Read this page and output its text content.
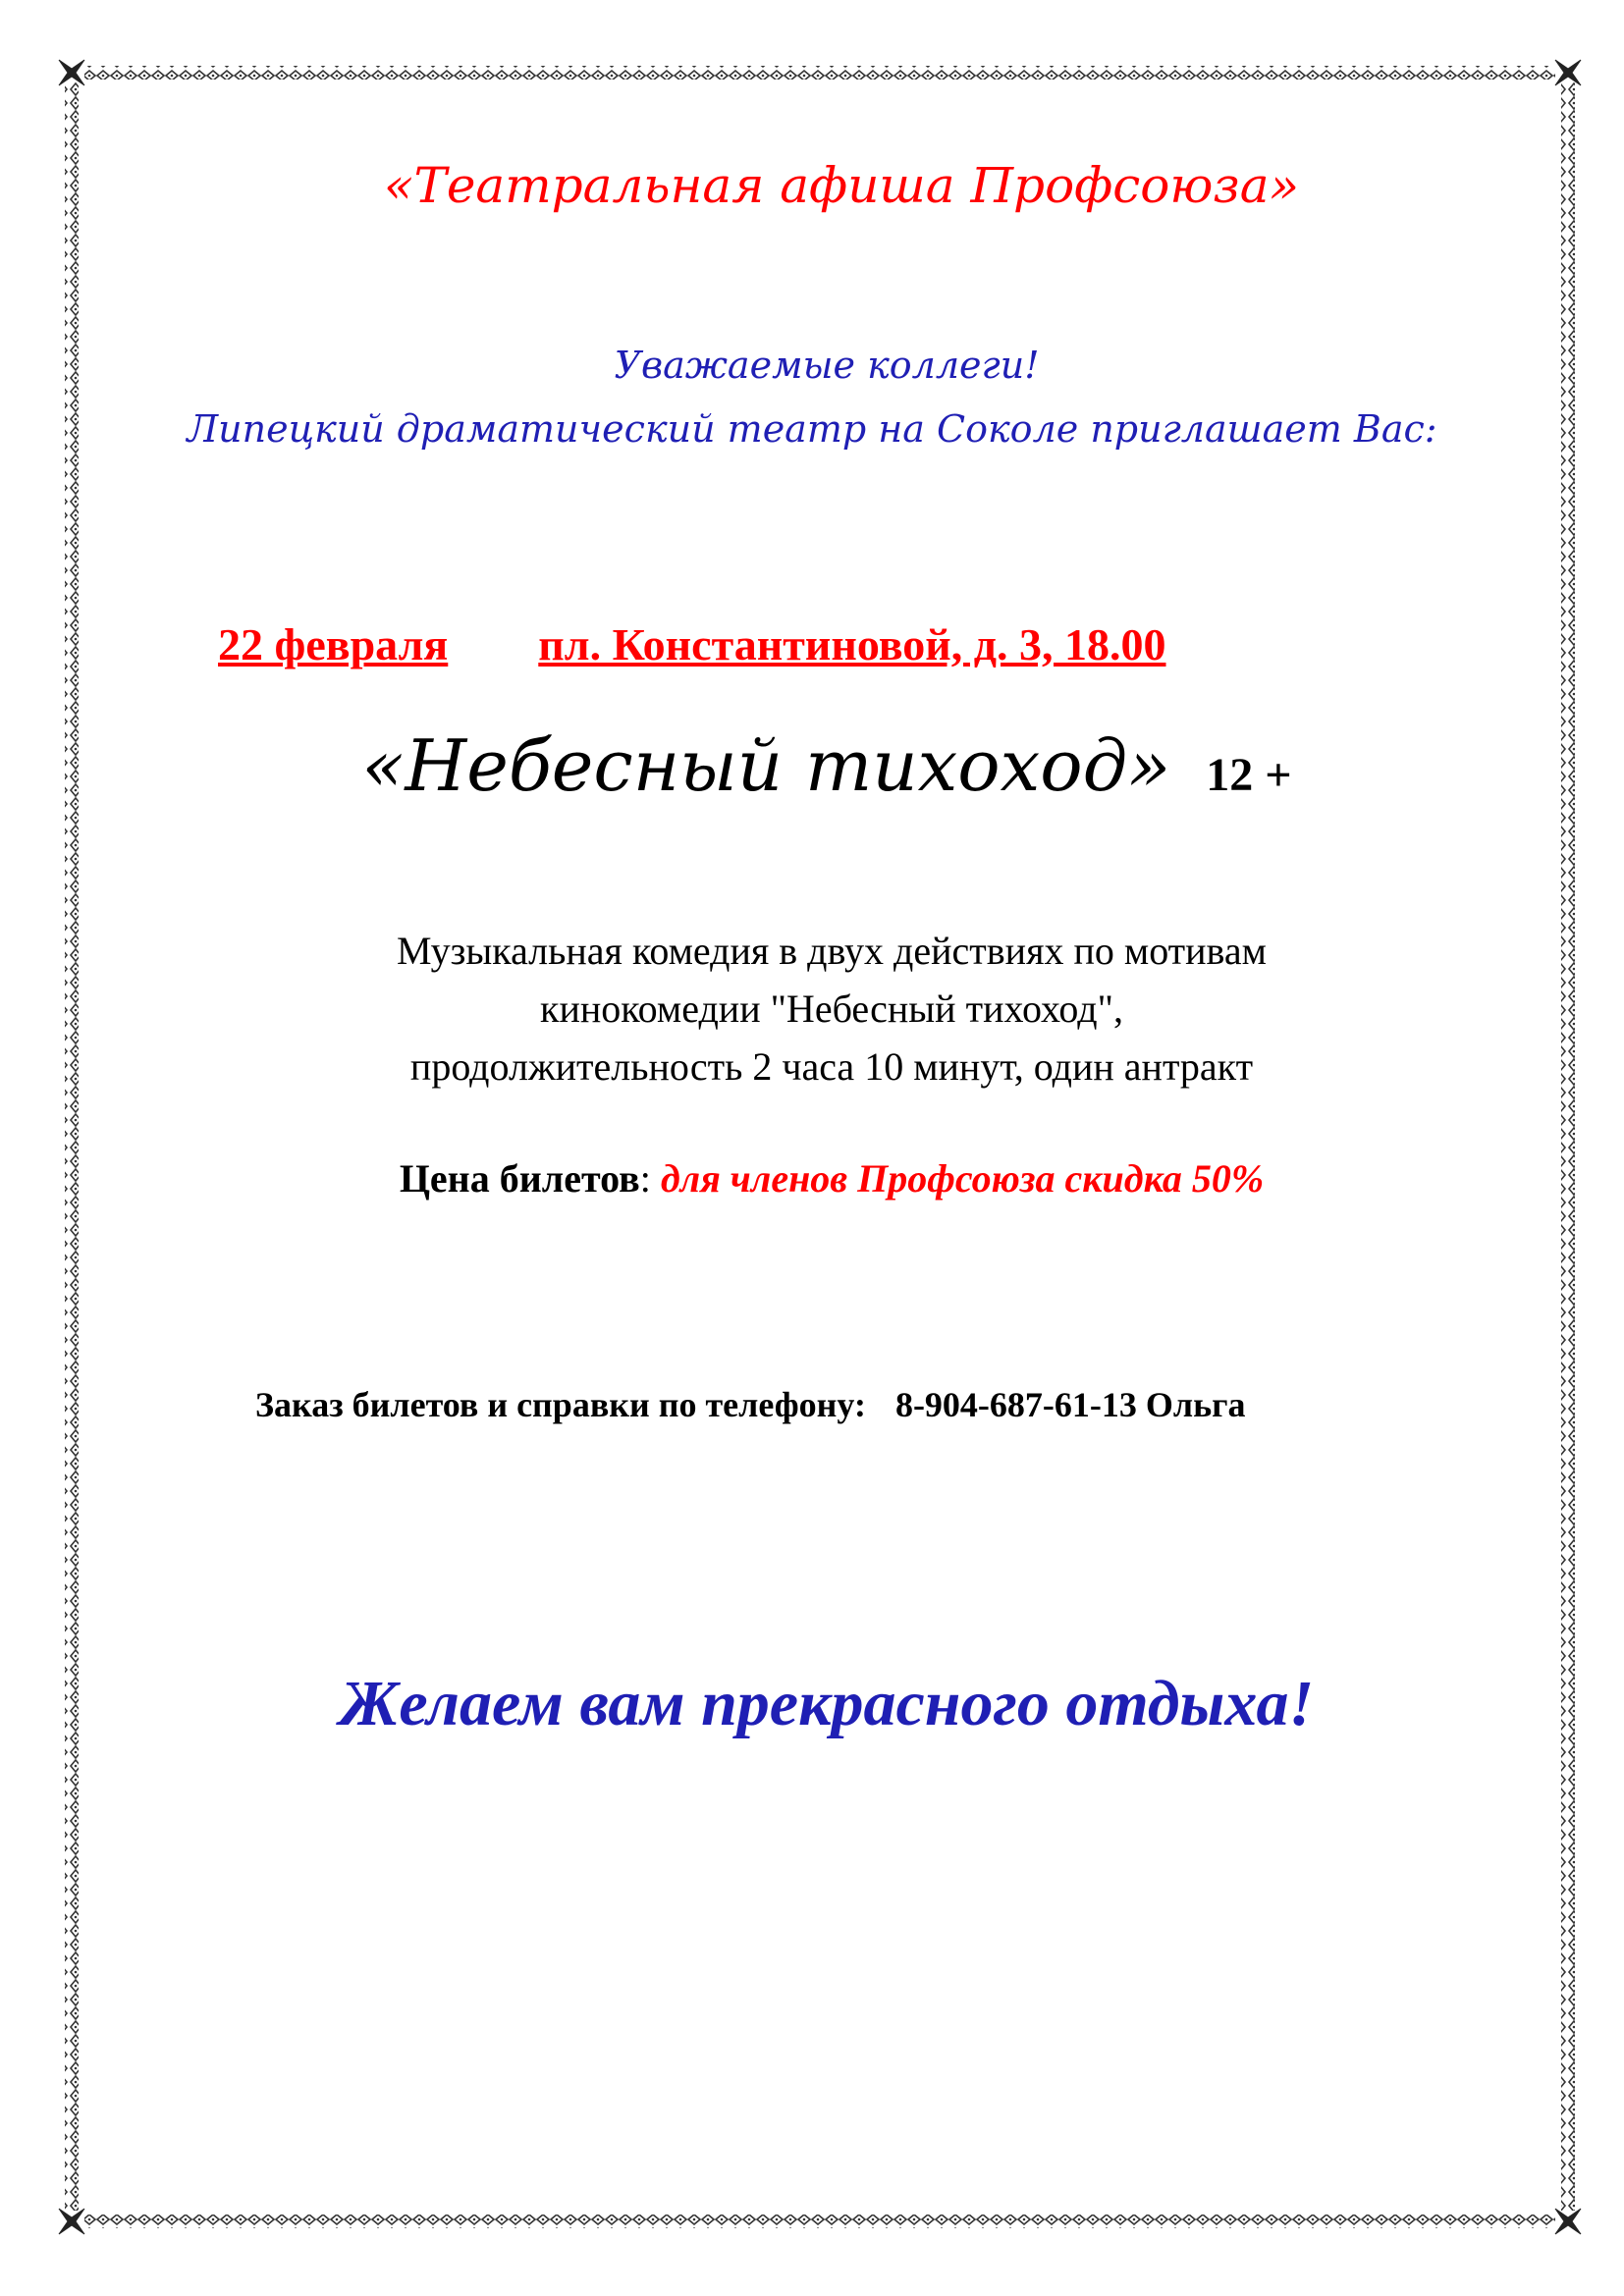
«Театральная афиша Профсоюза»
Уважаемые коллеги!
Липецкий драматический театр на Соколе приглашает Вас:
22 февраля пл. Константиновой, д. 3, 18.00
«Небесный тихоход» 12 +
Музыкальная комедия в двух действиях по мотивам
кинокомедии "Небесный тихоход",
продолжительность 2 часа 10 минут, один антракт
Цена билетов: для членов Профсоюза скидка 50%
Заказ билетов и справки по телефону: 8-904-687-61-13 Ольга
Желаем вам прекрасного отдыха!
